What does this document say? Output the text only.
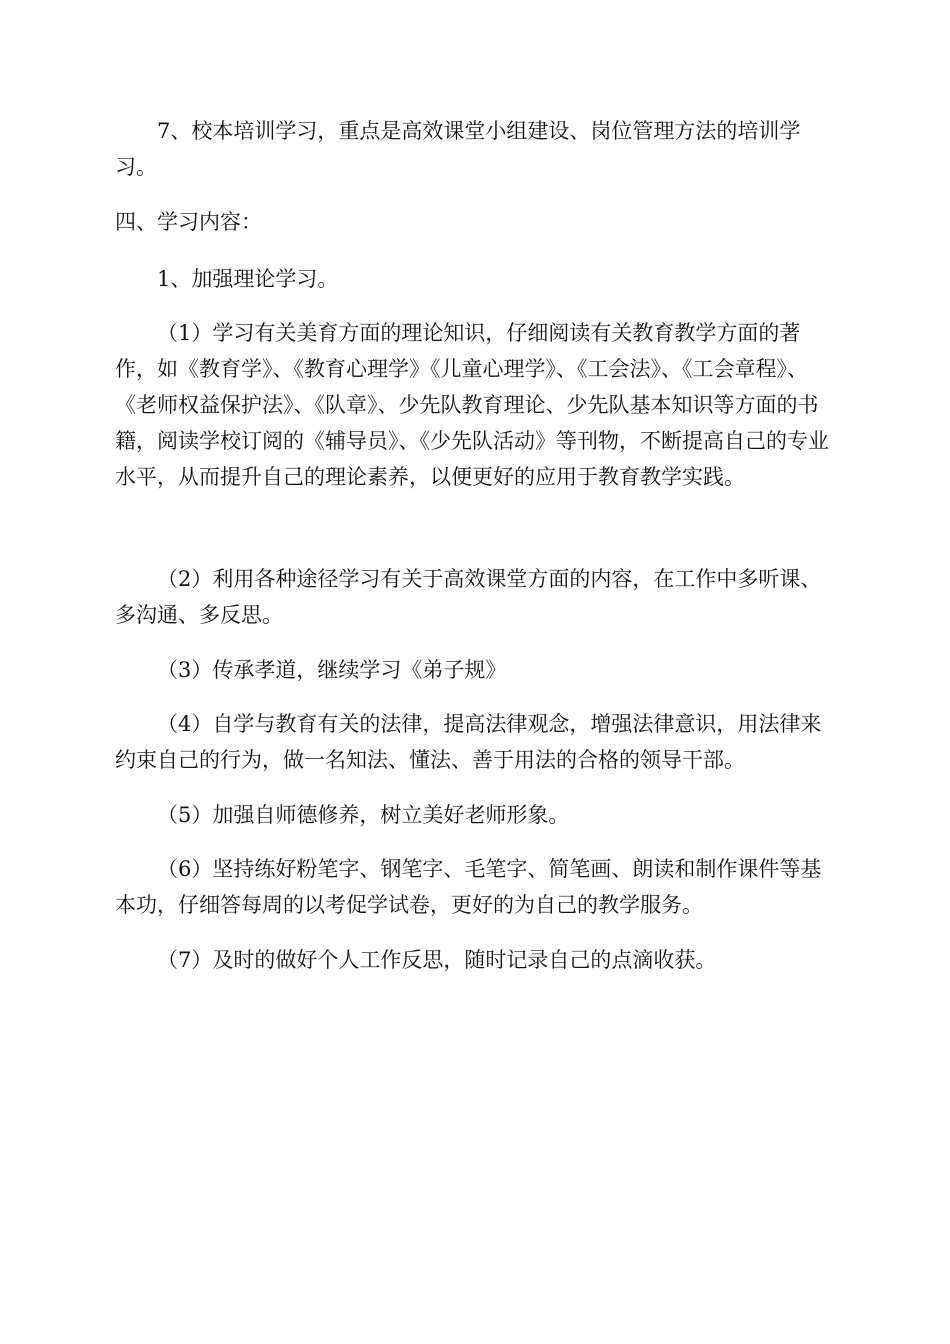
7、校本培训学习，重点是高效课堂小组建设、岗位管理方法的培训学习。

四、学习内容：

1、加强理论学习。

（1）学习有关美育方面的理论知识，仔细阅读有关教育教学方面的著作，如《教育学》、《教育心理学》《儿童心理学》、《工会法》、《工会章程》、《老师权益保护法》、《队章》、少先队教育理论、少先队基本知识等方面的书籍，阅读学校订阅的《辅导员》、《少先队活动》等刊物，不断提高自己的专业水平，从而提升自己的理论素养，以便更好的应用于教育教学实践。

（2）利用各种途径学习有关于高效课堂方面的内容，在工作中多听课、多沟通、多反思。

（3）传承孝道，继续学习《弟子规》

（4）自学与教育有关的法律，提高法律观念，增强法律意识，用法律来约束自己的行为，做一名知法、懂法、善于用法的合格的领导干部。

（5）加强自师德修养，树立美好老师形象。

（6）坚持练好粉笔字、钢笔字、毛笔字、简笔画、朗读和制作课件等基本功，仔细答每周的以考促学试卷，更好的为自己的教学服务。

（7）及时的做好个人工作反思，随时记录自己的点滴收获。
